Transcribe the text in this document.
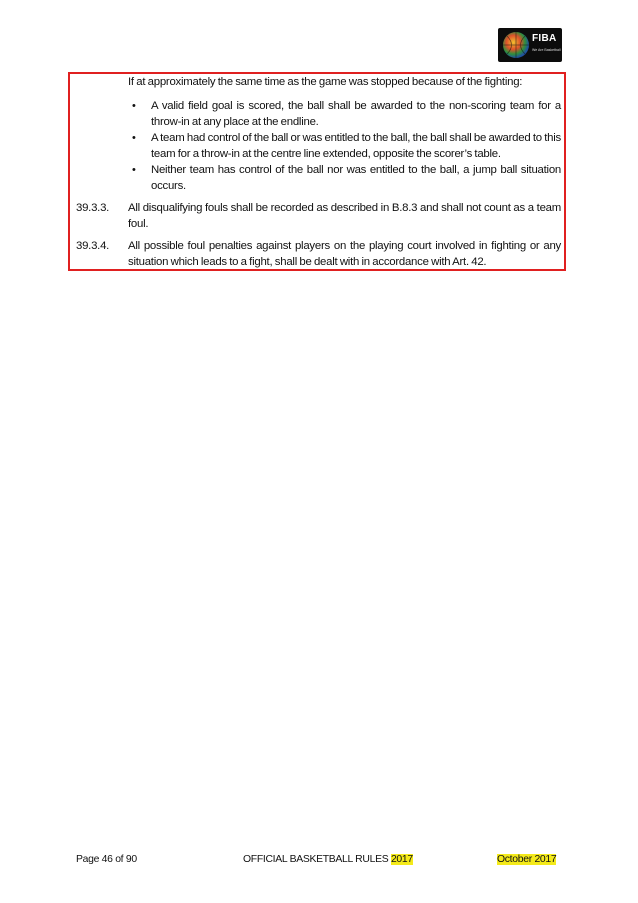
FIBA
We Are Basketball
If at approximately the same time as the game was stopped because of the fighting:
• A valid field goal is scored, the ball shall be awarded to the non-scoring team for a throw-in at any place at the endline.
• A team had control of the ball or was entitled to the ball, the ball shall be awarded to this team for a throw-in at the centre line extended, opposite the scorer’s table.
• Neither team has control of the ball nor was entitled to the ball, a jump ball situation occurs.
39.3.3.	All disqualifying fouls shall be recorded as described in B.8.3 and shall not count as a team foul.
39.3.4.	All possible foul penalties against players on the playing court involved in fighting or any situation which leads to a fight, shall be dealt with in accordance with Art. 42.
Page 46 of 90	OFFICIAL BASKETBALL RULES 2017	October 2017
